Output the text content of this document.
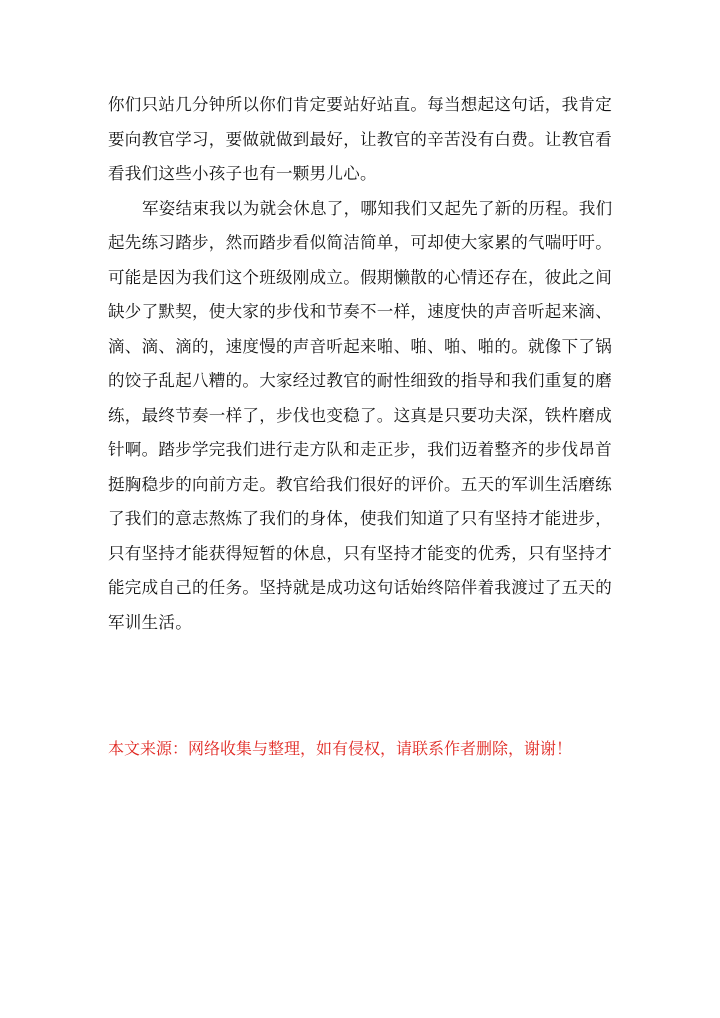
你们只站几分钟所以你们肯定要站好站直。每当想起这句话，我肯定
要向教官学习，要做就做到最好，让教官的辛苦没有白费。让教官看
看我们这些小孩子也有一颗男儿心。

军姿结束我以为就会休息了，哪知我们又起先了新的历程。我们
起先练习踏步，然而踏步看似简洁简单，可却使大家累的气喘吁吁。
可能是因为我们这个班级刚成立。假期懒散的心情还存在，彼此之间
缺少了默契，使大家的步伐和节奏不一样，速度快的声音听起来滴、
滴、滴、滴的，速度慢的声音听起来啪、啪、啪、啪的。就像下了锅
的饺子乱起八糟的。大家经过教官的耐性细致的指导和我们重复的磨
练，最终节奏一样了，步伐也变稳了。这真是只要功夫深，铁杵磨成
针啊。踏步学完我们进行走方队和走正步，我们迈着整齐的步伐昂首
挺胸稳步的向前方走。教官给我们很好的评价。五天的军训生活磨练
了我们的意志熬炼了我们的身体，使我们知道了只有坚持才能进步，
只有坚持才能获得短暂的休息，只有坚持才能变的优秀，只有坚持才
能完成自己的任务。坚持就是成功这句话始终陪伴着我渡过了五天的
军训生活。

本文来源：网络收集与整理，如有侵权，请联系作者删除，谢谢！
